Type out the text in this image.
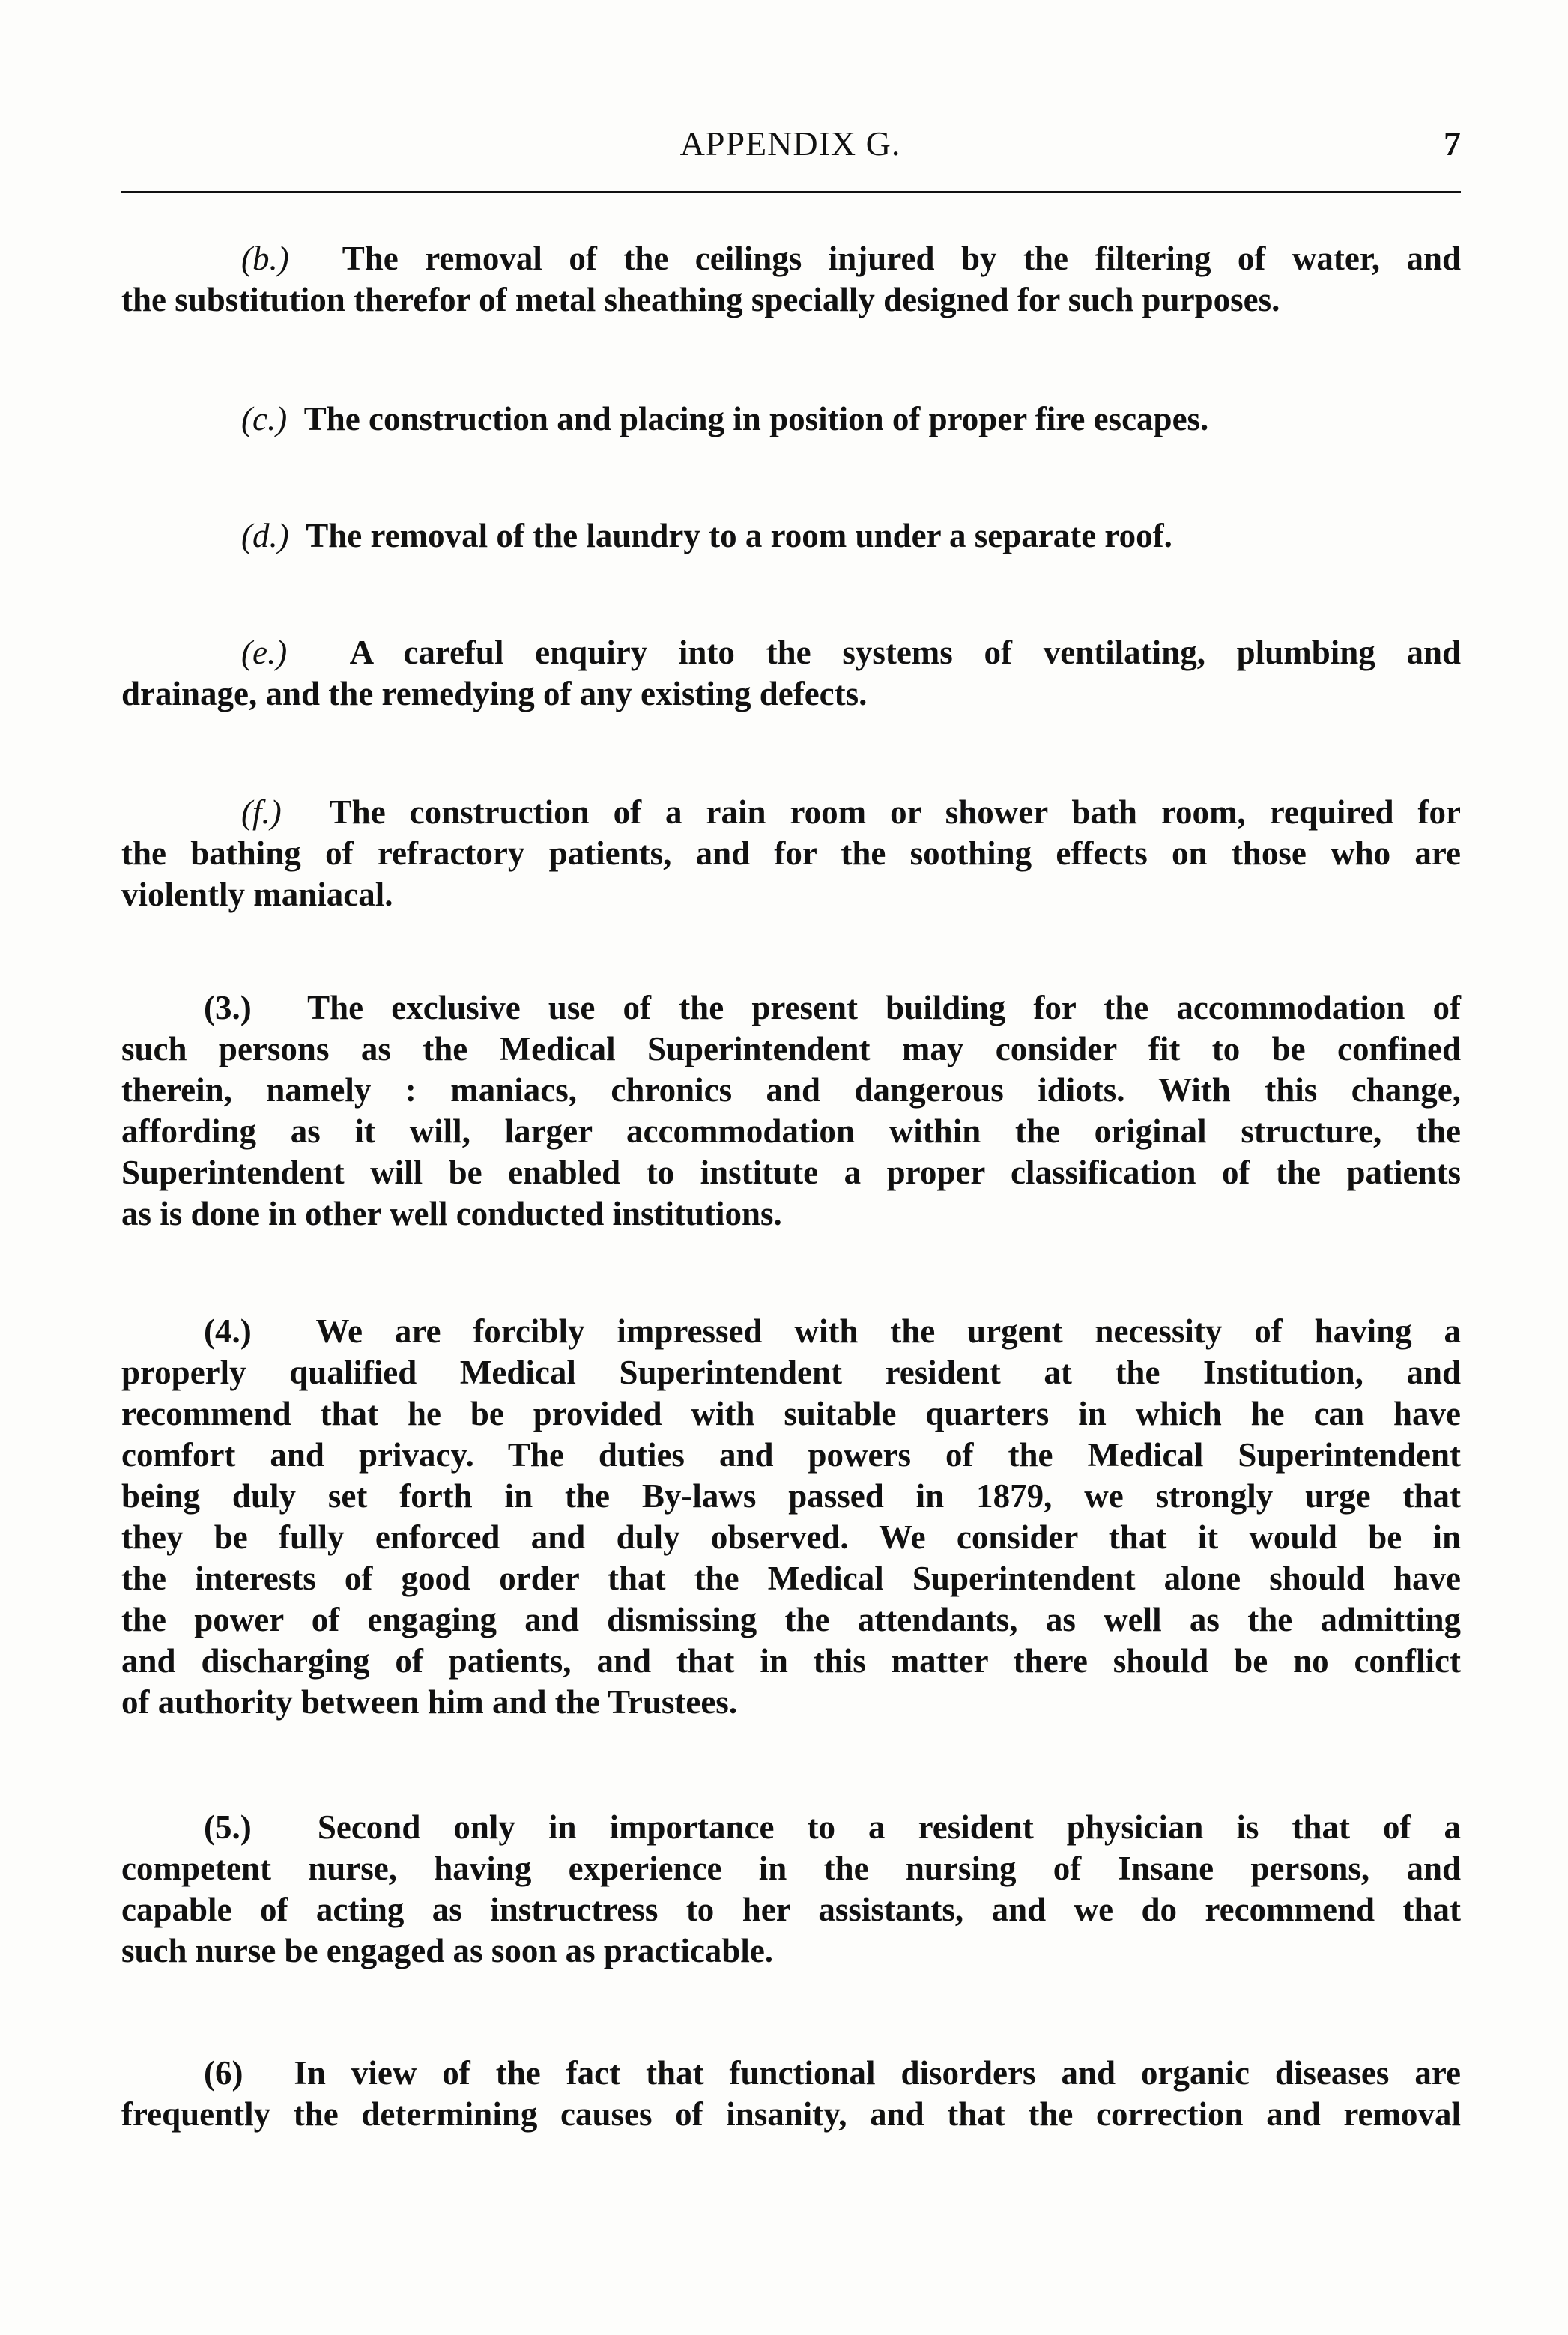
APPENDIX G.	7
(b.) The removal of the ceilings injured by the filtering of water, and
the substitution therefor of metal sheathing specially designed for such purposes.
(c.) The construction and placing in position of proper fire escapes.
(d.) The removal of the laundry to a room under a separate roof.
(e.) A careful enquiry into the systems of ventilating, plumbing and
drainage, and the remedying of any existing defects.
(f.) The construction of a rain room or shower bath room, required for
the bathing of refractory patients, and for the soothing effects on those who are
violently maniacal.
(3.) The exclusive use of the present building for the accommodation of
such persons as the Medical Superintendent may consider fit to be confined
therein, namely : maniacs, chronics and dangerous idiots. With this change,
affording as it will, larger accommodation within the original structure, the
Superintendent will be enabled to institute a proper classification of the patients
as is done in other well conducted institutions.
(4.) We are forcibly impressed with the urgent necessity of having a
properly qualified Medical Superintendent resident at the Institution, and
recommend that he be provided with suitable quarters in which he can have
comfort and privacy. The duties and powers of the Medical Superintendent
being duly set forth in the By-laws passed in 1879, we strongly urge that
they be fully enforced and duly observed. We consider that it would be in
the interests of good order that the Medical Superintendent alone should have
the power of engaging and dismissing the attendants, as well as the admitting
and discharging of patients, and that in this matter there should be no conflict
of authority between him and the Trustees.
(5.) Second only in importance to a resident physician is that of a
competent nurse, having experience in the nursing of Insane persons, and
capable of acting as instructress to her assistants, and we do recommend that
such nurse be engaged as soon as practicable.
(6) In view of the fact that functional disorders and organic diseases are
frequently the determining causes of insanity, and that the correction and removal
